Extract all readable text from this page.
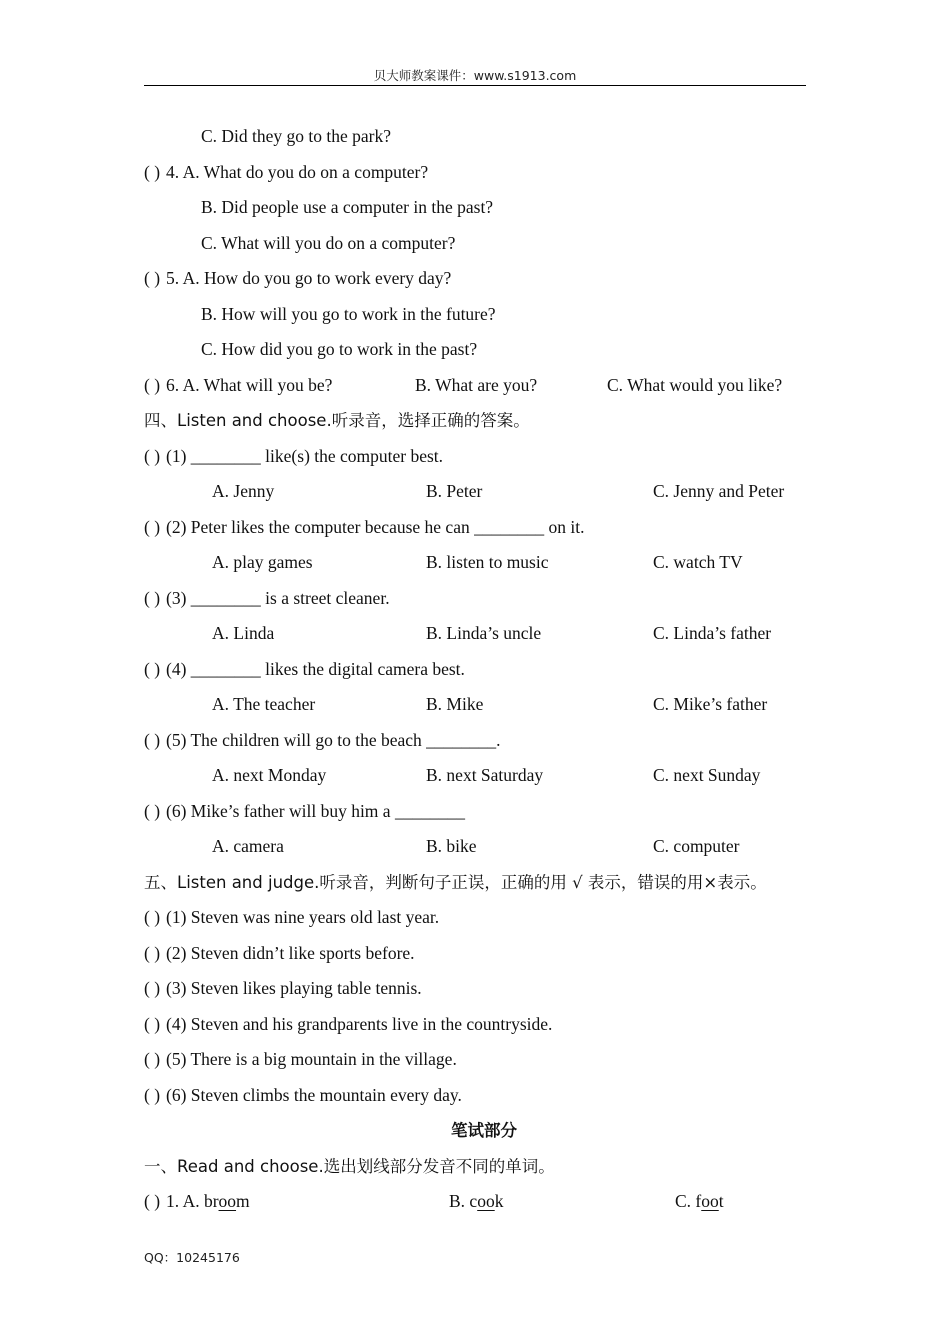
贝大师教案课件：www.s1913.com
C. Did they go to the park?
( ) 4. A. What do you do on a computer?
B. Did people use a computer in the past?
C. What will you do on a computer?
( ) 5. A. How do you go to work every day?
B. How will you go to work in the future?
C. How did you go to work in the past?
( ) 6. A. What will you be?	B. What are you?	C. What would you like?
四、Listen and choose.听录音，选择正确的答案。
( ) (1) ________ like(s) the computer best.
A. Jenny	B. Peter	C. Jenny and Peter
( ) (2) Peter likes the computer because he can ________ on it.
A. play games	B. listen to music	C. watch TV
( ) (3) ________ is a street cleaner.
A. Linda	B. Linda’s uncle	C. Linda’s father
( ) (4) ________ likes the digital camera best.
A. The teacher	B. Mike	C. Mike’s father
( ) (5) The children will go to the beach ________.
A. next Monday	B. next Saturday	C. next Sunday
( ) (6) Mike’s father will buy him a ________
A. camera	B. bike	C. computer
五、Listen and judge.听录音，判断句子正误，正确的用 √ 表示，错误的用×表示。
( ) (1) Steven was nine years old last year.
( ) (2) Steven didn’t like sports before.
( ) (3) Steven likes playing table tennis.
( ) (4) Steven and his grandparents live in the countryside.
( ) (5) There is a big mountain in the village.
( ) (6) Steven climbs the mountain every day.
笔试部分
一、Read and choose.选出划线部分发音不同的单词。
( ) 1. A. broom	B. cook	C. foot
QQ：10245176
